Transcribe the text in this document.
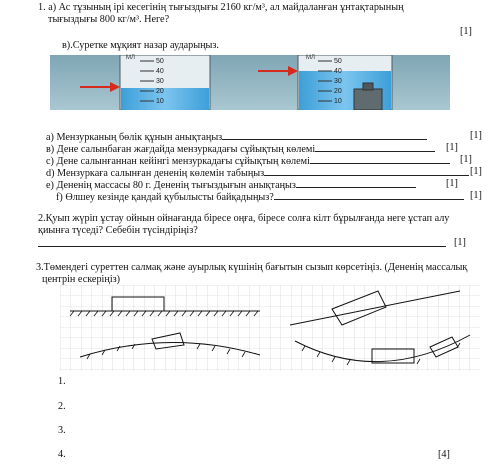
1. а) Ас тұзының ірі кесегінің тығыздығы 2160 кг/м³, ал майдаланған ұнтақтарының
тығыздығы 800 кг/м³. Неге?
[1]
в).Суретке мұқият назар аударыңыз.
МЛ	50
40
30
20
10
МЛ	50
40
30
20
10
а) Мензурканың бөлік құнын анықтаңыз	[1]
в) Дене салынбаған жағдайда мензуркадағы сұйықтың көлемі	[1]
с) Дене салынғаннан кейінгі мензуркадағы сұйықтың көлемі	[1]
d) Мензуркаға салынған дененің көлемін табыңыз	[1]
е) Дененің массасы 80 г. Дененің тығыздығын анықтаңыз	[1]
f) Өлшеу кезінде қандай қубылысты байқадыңыз?	[1]
2.Қуып жүріп ұстау ойнын ойнағанда біресе оңға, біресе солға кілт бұрылғанда неге ұстап алу
қиынға түседі? Себебін түсіндіріңіз?
[1]
3.Төмендегі суреттен салмақ және ауырлық күшінің бағытын сызып көрсетіңіз. (Дененің массалық
центрін ескеріңіз)
1.
2.
3.
4.	[4]
